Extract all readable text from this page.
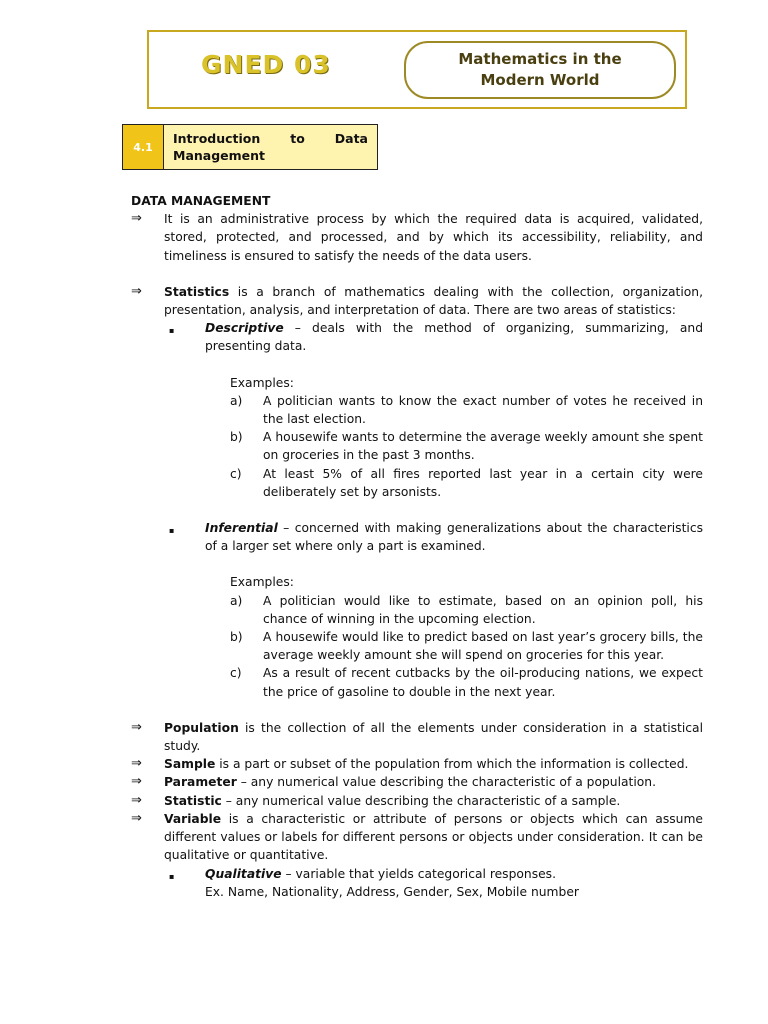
GNED 03	Mathematics in the Modern World
4.1
Introduction to Data Management

DATA MANAGEMENT

⇒	It is an administrative process by which the required data is acquired, validated, stored, protected, and processed, and by which its accessibility, reliability, and timeliness is ensured to satisfy the needs of the data users.
⇒	Statistics is a branch of mathematics dealing with the collection, organization, presentation, analysis, and interpretation of data. There are two areas of statistics:
▪	Descriptive – deals with the method of organizing, summarizing, and presenting data.
Examples:
a)	A politician wants to know the exact number of votes he received in the last election.
b)	A housewife wants to determine the average weekly amount she spent on groceries in the past 3 months.
c)	At least 5% of all fires reported last year in a certain city were deliberately set by arsonists.
▪	Inferential – concerned with making generalizations about the characteristics of a larger set where only a part is examined.
Examples:
a)	A politician would like to estimate, based on an opinion poll, his chance of winning in the upcoming election.
b)	A housewife would like to predict based on last year’s grocery bills, the average weekly amount she will spend on groceries for this year.
c)	As a result of recent cutbacks by the oil-producing nations, we expect the price of gasoline to double in the next year.
⇒	Population is the collection of all the elements under consideration in a statistical study.
⇒	Sample is a part or subset of the population from which the information is collected.
⇒	Parameter – any numerical value describing the characteristic of a population.
⇒	Statistic – any numerical value describing the characteristic of a sample.
⇒	Variable is a characteristic or attribute of persons or objects which can assume different values or labels for different persons or objects under consideration. It can be qualitative or quantitative.
▪	Qualitative – variable that yields categorical responses.
Ex. Name, Nationality, Address, Gender, Sex, Mobile number
